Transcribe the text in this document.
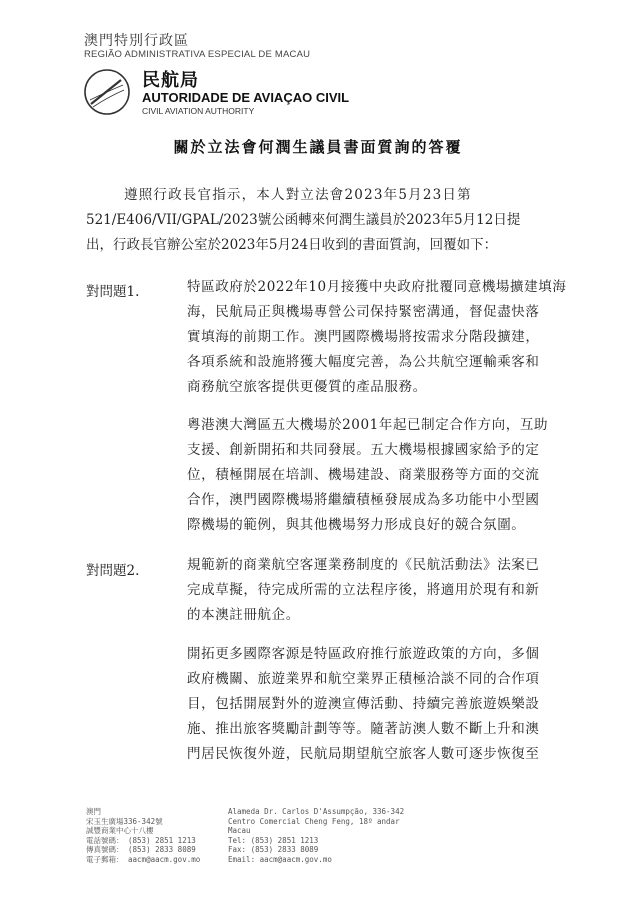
澳門特別行政區
REGIÃO ADMINISTRATIVA ESPECIAL DE MACAU
民航局
AUTORIDADE DE AVIAÇAO CIVIL
CIVIL AVIATION AUTHORITY
關於立法會何潤生議員書面質詢的答覆
遵照行政長官指示，本人對立法會2023年5月23日第
521/E406/VII/GPAL/2023號公函轉來何潤生議員於2023年5月12日提
出，行政長官辦公室於2023年5月24日收到的書面質詢，回覆如下：
對問題1.	特區政府於2022年10月接獲中央政府批覆同意機場擴建填海
海，民航局正與機場專營公司保持緊密溝通，督促盡快落
實填海的前期工作。澳門國際機場將按需求分階段擴建，
各項系統和設施將獲大幅度完善，為公共航空運輸乘客和
商務航空旅客提供更優質的產品服務。
粵港澳大灣區五大機場於2001年起已制定合作方向，互助
支援、創新開拓和共同發展。五大機場根據國家給予的定
位，積極開展在培訓、機場建設、商業服務等方面的交流
合作，澳門國際機場將繼續積極發展成為多功能中小型國
際機場的範例，與其他機場努力形成良好的競合氛圍。
對問題2.	規範新的商業航空客運業務制度的《民航活動法》法案已
完成草擬，待完成所需的立法程序後，將適用於現有和新
的本澳註冊航企。
開拓更多國際客源是特區政府推行旅遊政策的方向，多個
政府機關、旅遊業界和航空業界正積極洽談不同的合作項
目，包括開展對外的遊澳宣傳活動、持續完善旅遊娛樂設
施、推出旅客獎勵計劃等等。隨著訪澳人數不斷上升和澳
門居民恢復外遊，民航局期望航空旅客人數可逐步恢復至
澳門
宋玉生廣場336-342號
誠豐商業中心十八樓
電話號碼： (853) 2851 1213
傳真號碼： (853) 2833 8089
電子郵箱： aacm@aacm.gov.mo
Alameda Dr. Carlos D'Assumpção, 336-342
Centro Comercial Cheng Feng, 18º andar
Macau
Tel: (853) 2851 1213
Fax: (853) 2833 8089
Email: aacm@aacm.gov.mo
